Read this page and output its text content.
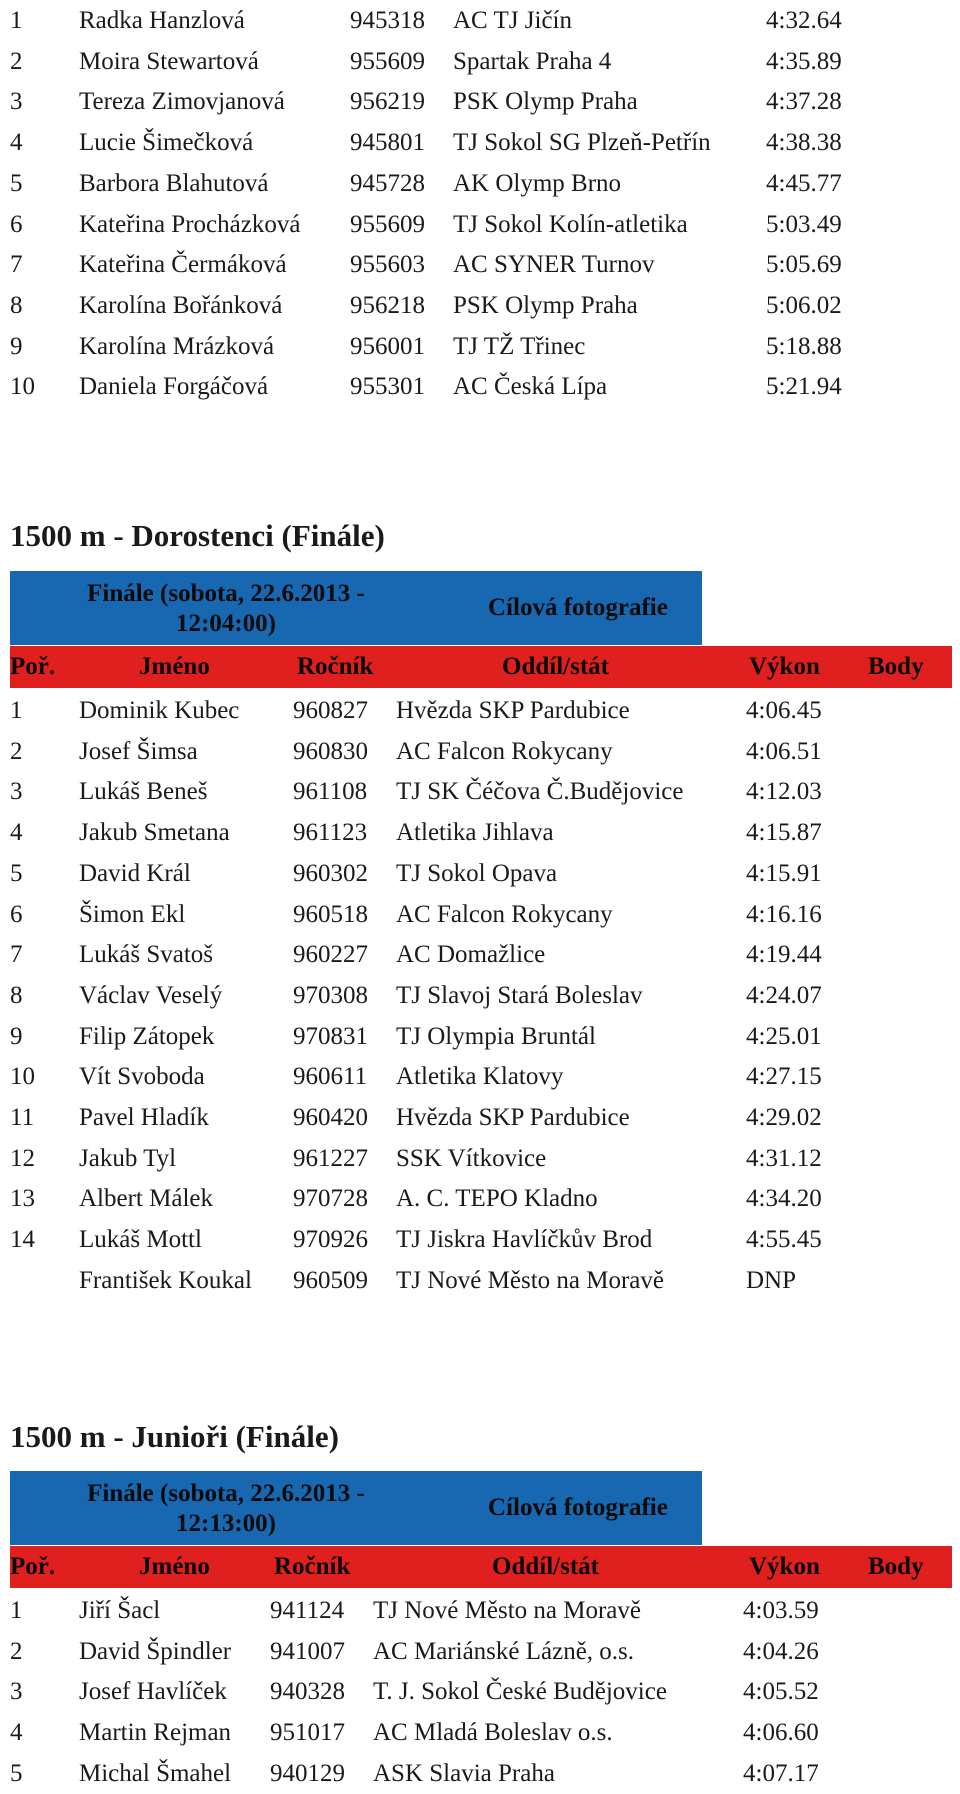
1 Radka Hanzlová	945318 AC TJ Jičín	4:32.64
2 Moira Stewartová	955609 Spartak Praha 4	4:35.89
3 Tereza Zimovjanová	956219 PSK Olymp Praha	4:37.28
4 Lucie Šimečková	945801 TJ Sokol SG Plzeň-Petřín 4:38.38
5 Barbora Blahutová	945728 AK Olymp Brno	4:45.77
6 Kateřina Procházková 955609 TJ Sokol Kolín-atletika	5:03.49
7 Kateřina Čermáková	955603 AC SYNER Turnov	5:05.69
8 Karolína Bořánková	956218 PSK Olymp Praha	5:06.02
9 Karolína Mrázková	956001 TJ TŽ Třinec	5:18.88
10 Daniela Forgáčová	955301 AC Česká Lípa	5:21.94
1500 m - Dorostenci (Finále)
Finále (sobota, 22.6.2013 - 12:04:00)
Cílová fotografie
Poř.	Jméno	Ročník	Oddíl/stát	Výkon Body
1 Dominik Kubec 960827 Hvězda SKP Pardubice	4:06.45
2 Josef Šimsa	960830 AC Falcon Rokycany	4:06.51
3 Lukáš Beneš	961108 TJ SK Čéčova Č.Budějovice	4:12.03
4 Jakub Smetana	961123 Atletika Jihlava	4:15.87
5 David Král	960302 TJ Sokol Opava	4:15.91
6 Šimon Ekl	960518 AC Falcon Rokycany	4:16.16
7 Lukáš Svatoš	960227 AC Domažlice	4:19.44
8 Václav Veselý	970308 TJ Slavoj Stará Boleslav	4:24.07
9 Filip Zátopek	970831 TJ Olympia Bruntál	4:25.01
10 Vít Svoboda	960611 Atletika Klatovy	4:27.15
11 Pavel Hladík	960420 Hvězda SKP Pardubice	4:29.02
12 Jakub Tyl	961227 SSK Vítkovice	4:31.12
13 Albert Málek	970728 A. C. TEPO Kladno	4:34.20
14 Lukáš Mottl	970926 TJ Jiskra Havlíčkův Brod	4:55.45
František Koukal 960509 TJ Nové Město na Moravě	DNP
1500 m - Junioři (Finále)
Finále (sobota, 22.6.2013 - 12:13:00)
Cílová fotografie
Poř.	Jméno	Ročník	Oddíl/stát	Výkon Body
1 Jiří Šacl	941124 TJ Nové Město na Moravě	4:03.59
2 David Špindler 941007 AC Mariánské Lázně, o.s.	4:04.26
3 Josef Havlíček 940328 T. J. Sokol České Budějovice	4:05.52
4 Martin Rejman 951017 AC Mladá Boleslav o.s.	4:06.60
5 Michal Šmahel 940129 ASK Slavia Praha	4:07.17
